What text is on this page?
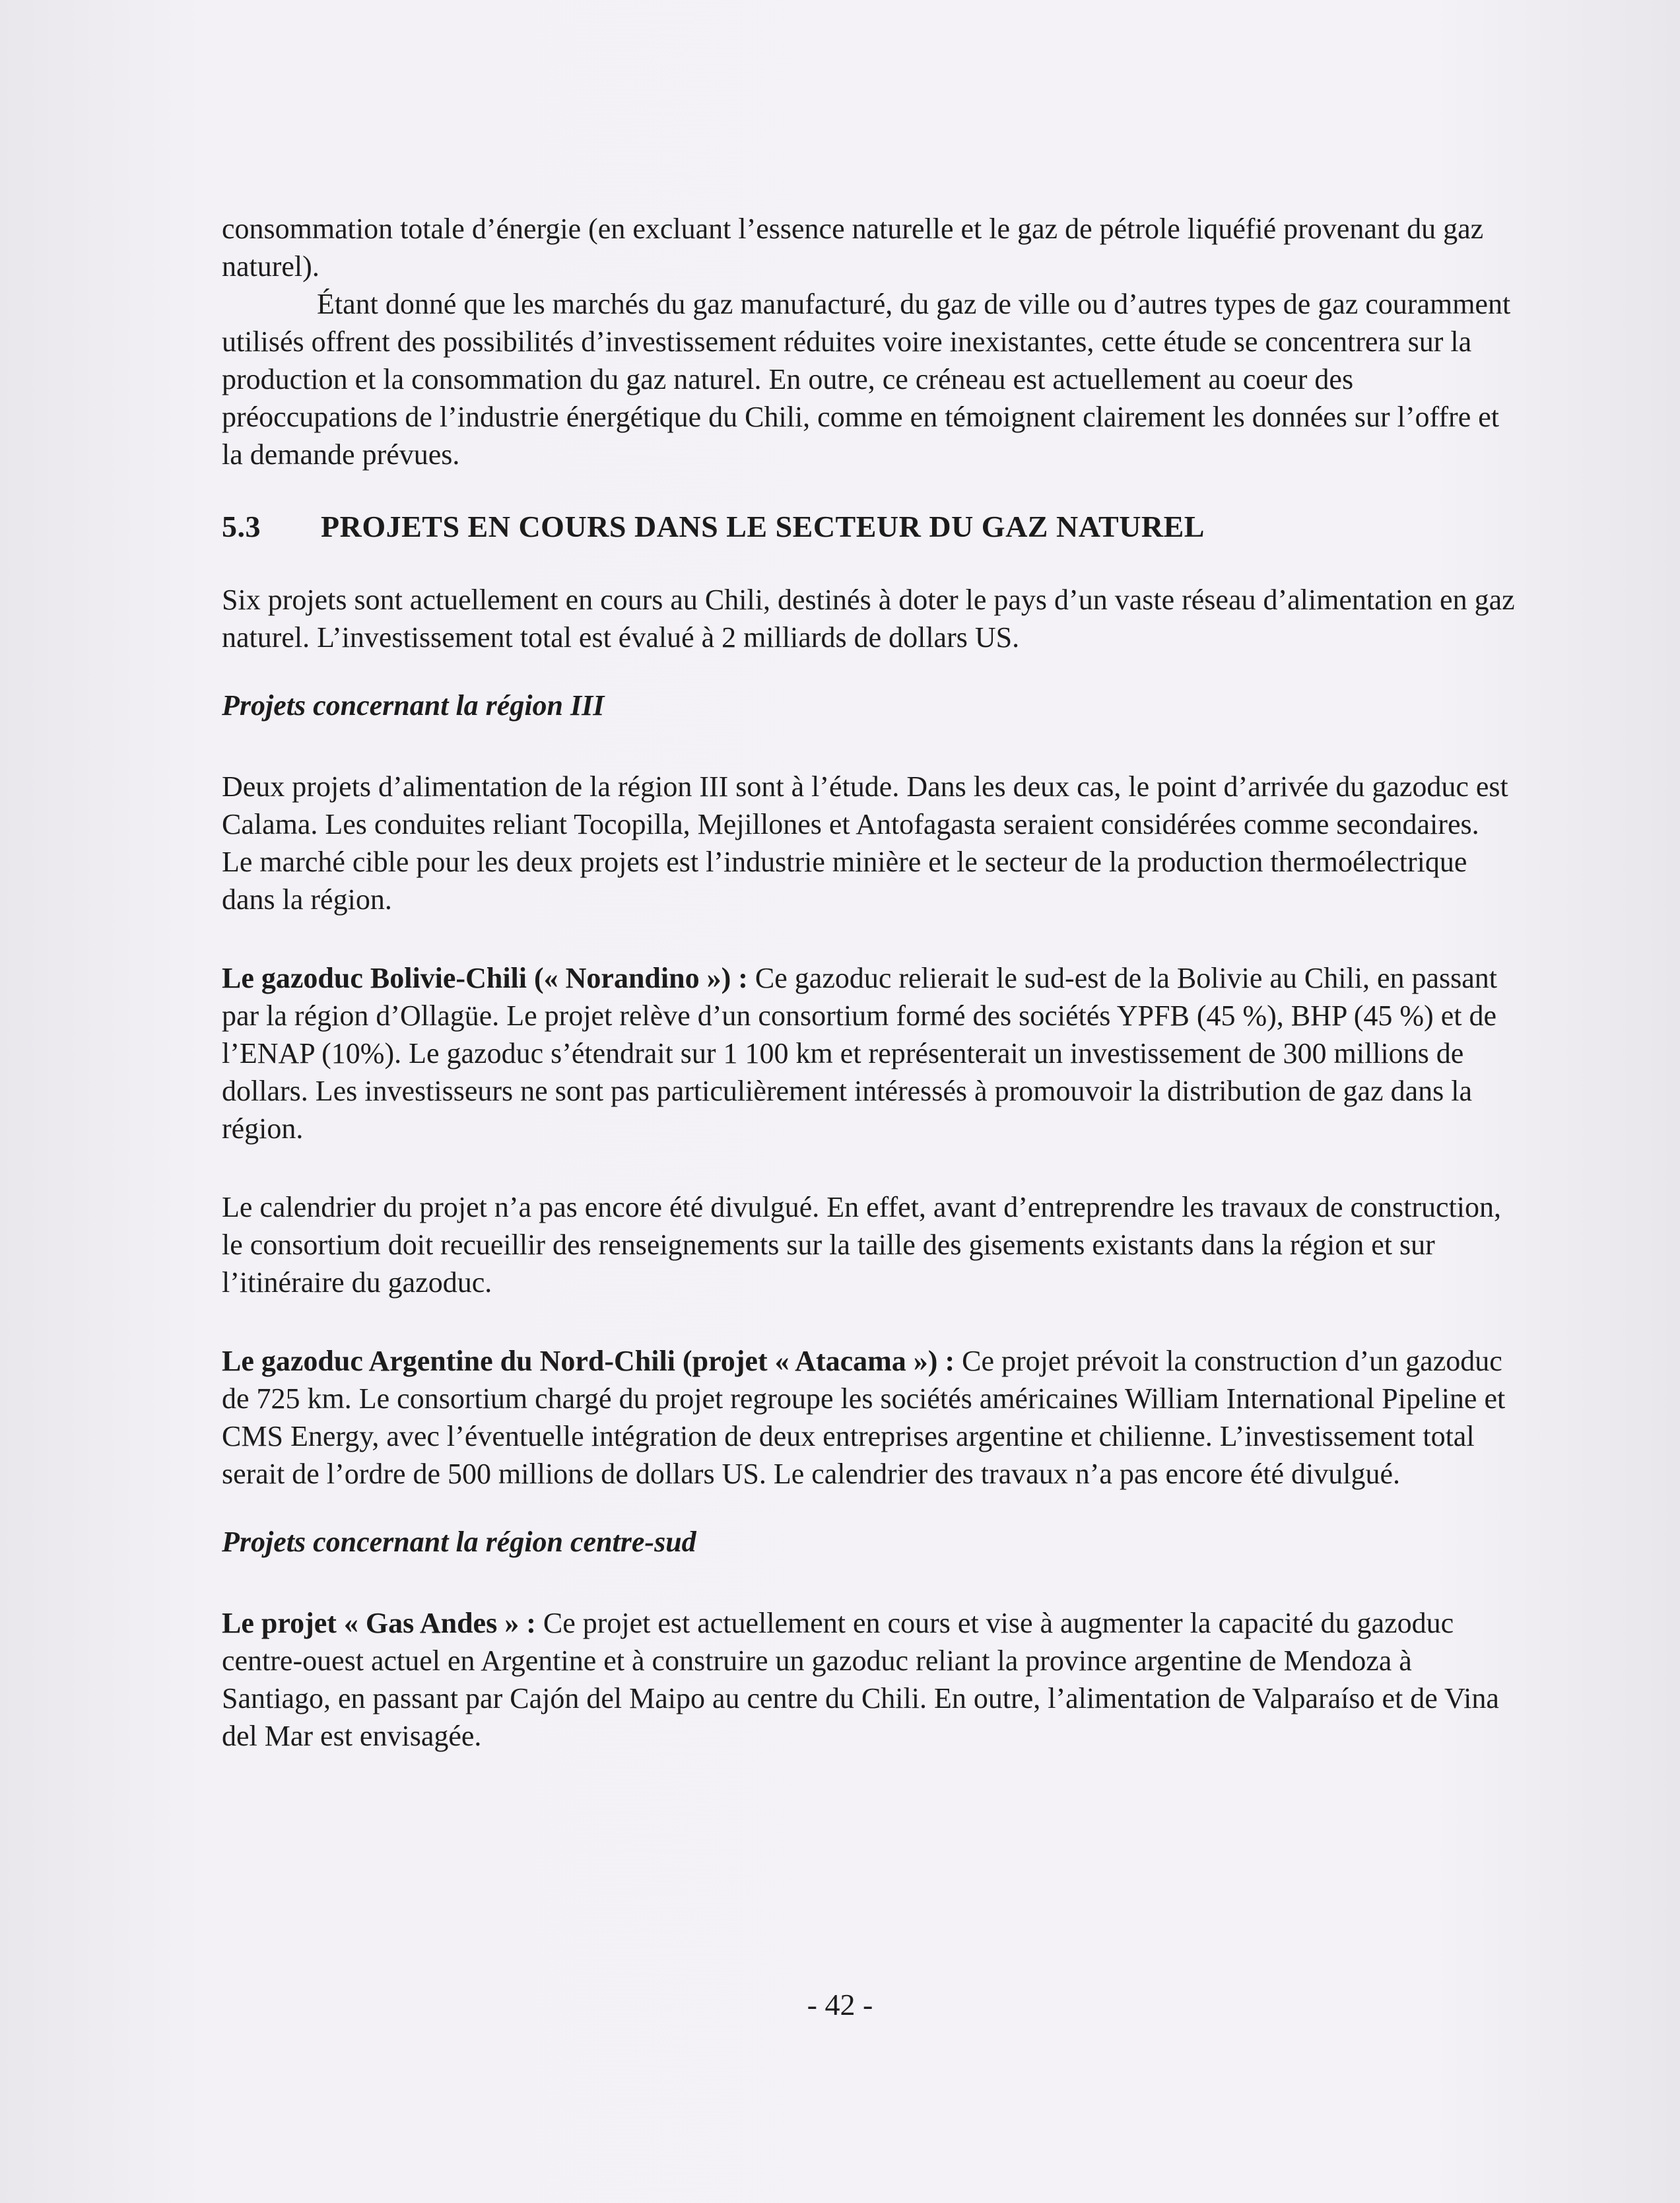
consommation totale d’énergie (en excluant l’essence naturelle et le gaz de pétrole liquéfié provenant du gaz naturel).

Étant donné que les marchés du gaz manufacturé, du gaz de ville ou d’autres types de gaz couramment utilisés offrent des possibilités d’investissement réduites voire inexistantes, cette étude se concentrera sur la production et la consommation du gaz naturel. En outre, ce créneau est actuellement au coeur des préoccupations de l’industrie énergétique du Chili, comme en témoignent clairement les données sur l’offre et la demande prévues.

5.3 PROJETS EN COURS DANS LE SECTEUR DU GAZ NATUREL

Six projets sont actuellement en cours au Chili, destinés à doter le pays d’un vaste réseau d’alimentation en gaz naturel. L’investissement total est évalué à 2 milliards de dollars US.

Projets concernant la région III

Deux projets d’alimentation de la région III sont à l’étude. Dans les deux cas, le point d’arrivée du gazoduc est Calama. Les conduites reliant Tocopilla, Mejillones et Antofagasta seraient considérées comme secondaires. Le marché cible pour les deux projets est l’industrie minière et le secteur de la production thermoélectrique dans la région.

Le gazoduc Bolivie-Chili (« Norandino ») : Ce gazoduc relierait le sud-est de la Bolivie au Chili, en passant par la région d’Ollagüe. Le projet relève d’un consortium formé des sociétés YPFB (45 %), BHP (45 %) et de l’ENAP (10%). Le gazoduc s’étendrait sur 1 100 km et représenterait un investissement de 300 millions de dollars. Les investisseurs ne sont pas particulièrement intéressés à promouvoir la distribution de gaz dans la région.

Le calendrier du projet n’a pas encore été divulgué. En effet, avant d’entreprendre les travaux de construction, le consortium doit recueillir des renseignements sur la taille des gisements existants dans la région et sur l’itinéraire du gazoduc.

Le gazoduc Argentine du Nord-Chili (projet « Atacama ») : Ce projet prévoit la construction d’un gazoduc de 725 km. Le consortium chargé du projet regroupe les sociétés américaines William International Pipeline et CMS Energy, avec l’éventuelle intégration de deux entreprises argentine et chilienne. L’investissement total serait de l’ordre de 500 millions de dollars US. Le calendrier des travaux n’a pas encore été divulgué.

Projets concernant la région centre-sud

Le projet « Gas Andes » : Ce projet est actuellement en cours et vise à augmenter la capacité du gazoduc centre-ouest actuel en Argentine et à construire un gazoduc reliant la province argentine de Mendoza à Santiago, en passant par Cajón del Maipo au centre du Chili. En outre, l’alimentation de Valparaíso et de Vina del Mar est envisagée.

- 42 -
